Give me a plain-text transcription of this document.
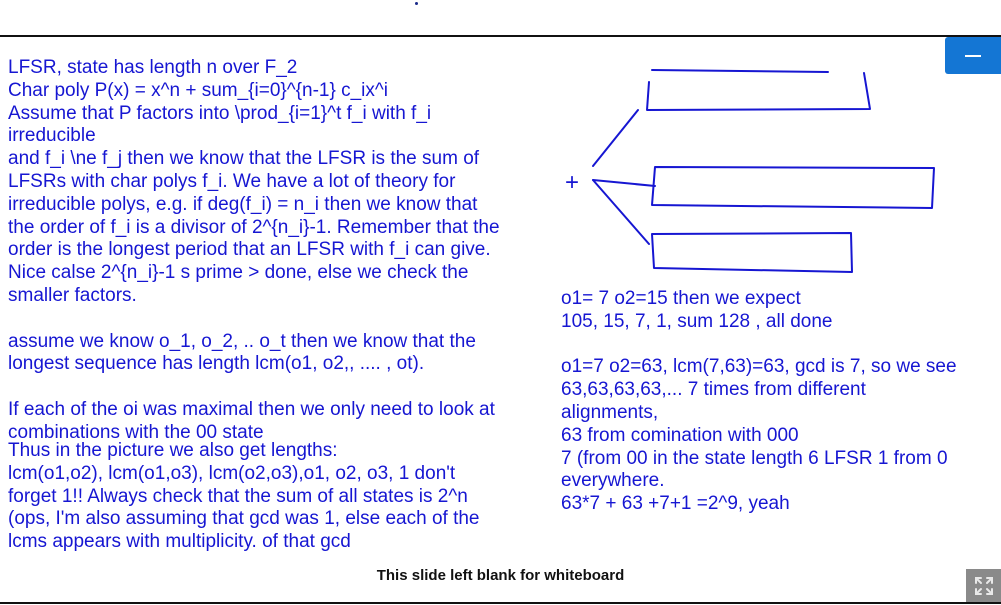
LFSR, state has length n over F_2
Char poly P(x) = x^n + sum_{i=0}^{n-1} c_ix^i
Assume that P factors into \prod_{i=1}^t f_i with f_i
irreducible
and f_i \ne f_j then we know that the LFSR is the sum of
LFSRs with char polys f_i. We have a lot of theory for
irreducible polys, e.g. if deg(f_i) = n_i then we know that
the order of f_i is a divisor of 2^{n_i}-1. Remember that the
order is the longest period that an LFSR with f_i can give.
Nice calse 2^{n_i}-1 s prime > done, else we check the
smaller factors.
assume we know o_1, o_2, .. o_t then we know that the
longest sequence has length lcm(o1, o2,, .... , ot).
If each of the oi was maximal then we only need to look at
combinations with the 00 state
Thus in the picture we also get lengths:
lcm(o1,o2), lcm(o1,o3), lcm(o2,o3),o1, o2, o3, 1 don't
forget 1!! Always check that the sum of all states is 2^n
(ops, I'm also assuming that gcd was 1, else each of the
lcms appears with multiplicity. of that gcd
o1= 7 o2=15 then we expect
105, 15, 7, 1, sum 128 , all done
o1=7 o2=63, lcm(7,63)=63, gcd is 7, so we see
63,63,63,63,... 7 times from different
alignments,
63 from comination with 000
7 (from 00 in the state length 6 LFSR 1 from 0
everywhere.
63*7 + 63 +7+1 =2^9, yeah
+
This slide left blank for whiteboard
